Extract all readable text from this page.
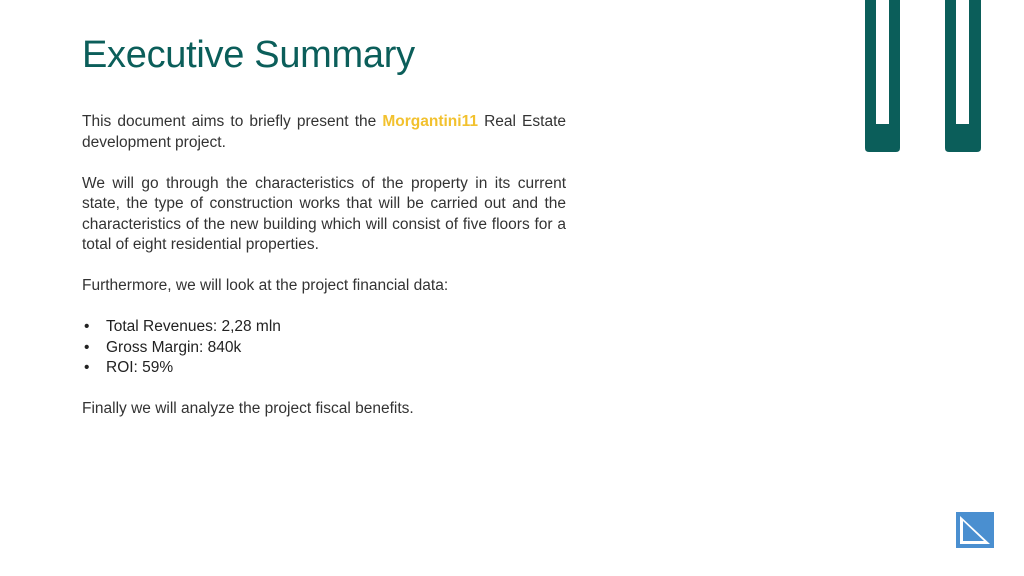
Executive Summary

This document aims to briefly present the Morgantini11 Real Estate development project.

We will go through the characteristics of the property in its current state, the type of construction works that will be carried out and the characteristics of the new building which will consist of five floors for a total of eight residential properties.

Furthermore, we will look at the project financial data:

• Total Revenues: 2,28 mln
• Gross Margin: 840k
• ROI: 59%

Finally we will analyze the project fiscal benefits.
